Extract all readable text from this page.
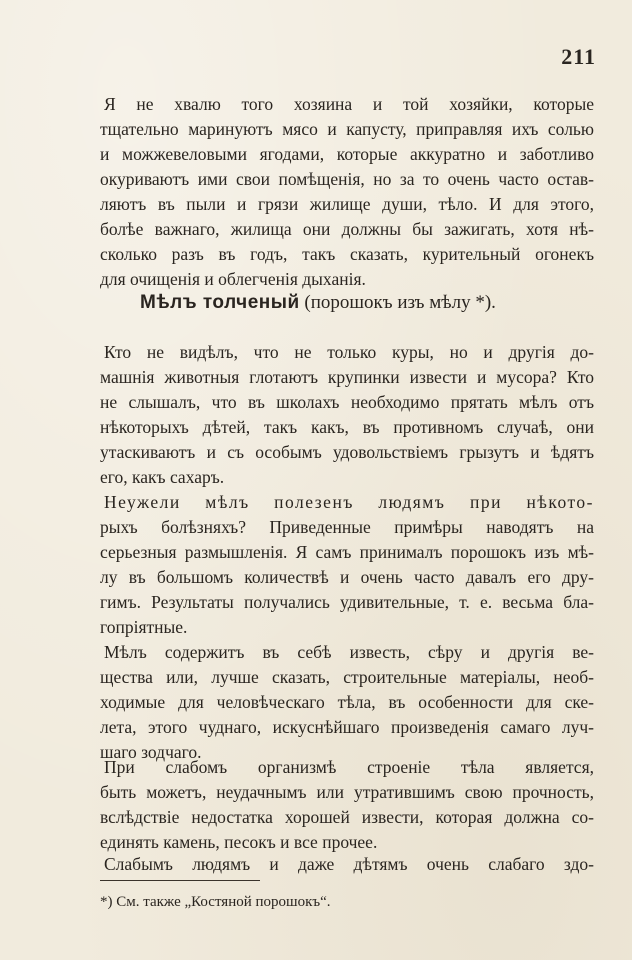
211
Я не хвалю того хозяина и той хозяйки, которые
тщательно маринуютъ мясо и капусту, приправляя ихъ солью
и можжевеловыми ягодами, которые аккуратно и заботливо
окуриваютъ ими свои помѣщенія, но за то очень часто остав-
ляютъ въ пыли и грязи жилище души, тѣло. И для этого,
болѣе важнаго, жилища они должны бы зажигать, хотя нѣ-
сколько разъ въ годъ, такъ сказать, курительный огонекъ
для очищенія и облегченія дыханія.
Мѣлъ толченый (порошокъ изъ мѣлу *).
Кто не видѣлъ, что не только куры, но и другія до-
машнія животныя глотаютъ крупинки извести и мусора? Кто
не слышалъ, что въ школахъ необходимо прятать мѣлъ отъ
нѣкоторыхъ дѣтей, такъ какъ, въ противномъ случаѣ, они
утаскиваютъ и съ особымъ удовольствіемъ грызутъ и ѣдятъ
его, какъ сахаръ.
Неужели мѣлъ полезенъ людямъ при нѣкото-
рыхъ болѣзняхъ? Приведенные примѣры наводятъ на
серьезныя размышленія. Я самъ принималъ порошокъ изъ мѣ-
лу въ большомъ количествѣ и очень часто давалъ его дру-
гимъ. Результаты получались удивительные, т. е. весьма бла-
гопріятные.
Мѣлъ содержитъ въ себѣ известь, сѣру и другія ве-
щества или, лучше сказать, строительные матеріалы, необ-
ходимые для человѣческаго тѣла, въ особенности для ске-
лета, этого чуднаго, искуснѣйшаго произведенія самаго луч-
шаго зодчаго.
При слабомъ организмѣ строеніе тѣла является,
быть можетъ, неудачнымъ или утратившимъ свою прочность,
вслѣдствіе недостатка хорошей извести, которая должна со-
единять камень, песокъ и все прочее.
Слабымъ людямъ и даже дѣтямъ очень слабаго здо-
*) См. также „Костяной порошокъ“.
